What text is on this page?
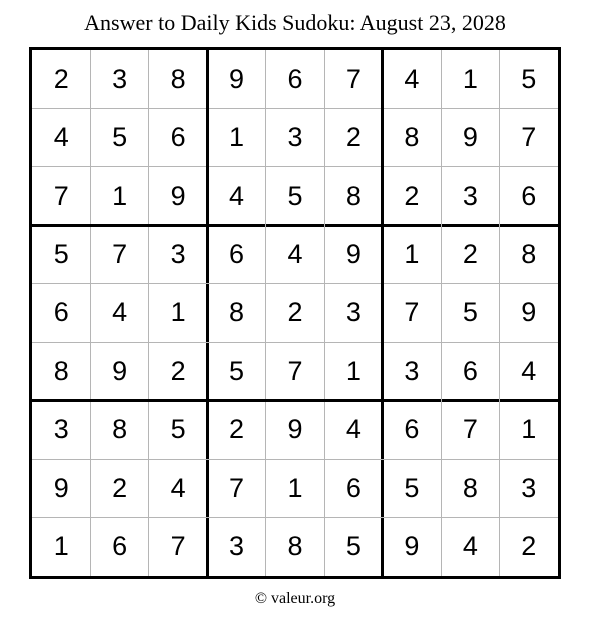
Answer to Daily Kids Sudoku: August 23, 2028
2	3	8	9	6	7	4	1	5
4	5	6	1	3	2	8	9	7
7	1	9	4	5	8	2	3	6
5	7	3	6	4	9	1	2	8
6	4	1	8	2	3	7	5	9
8	9	2	5	7	1	3	6	4
3	8	5	2	9	4	6	7	1
9	2	4	7	1	6	5	8	3
1	6	7	3	8	5	9	4	2
© valeur.org
